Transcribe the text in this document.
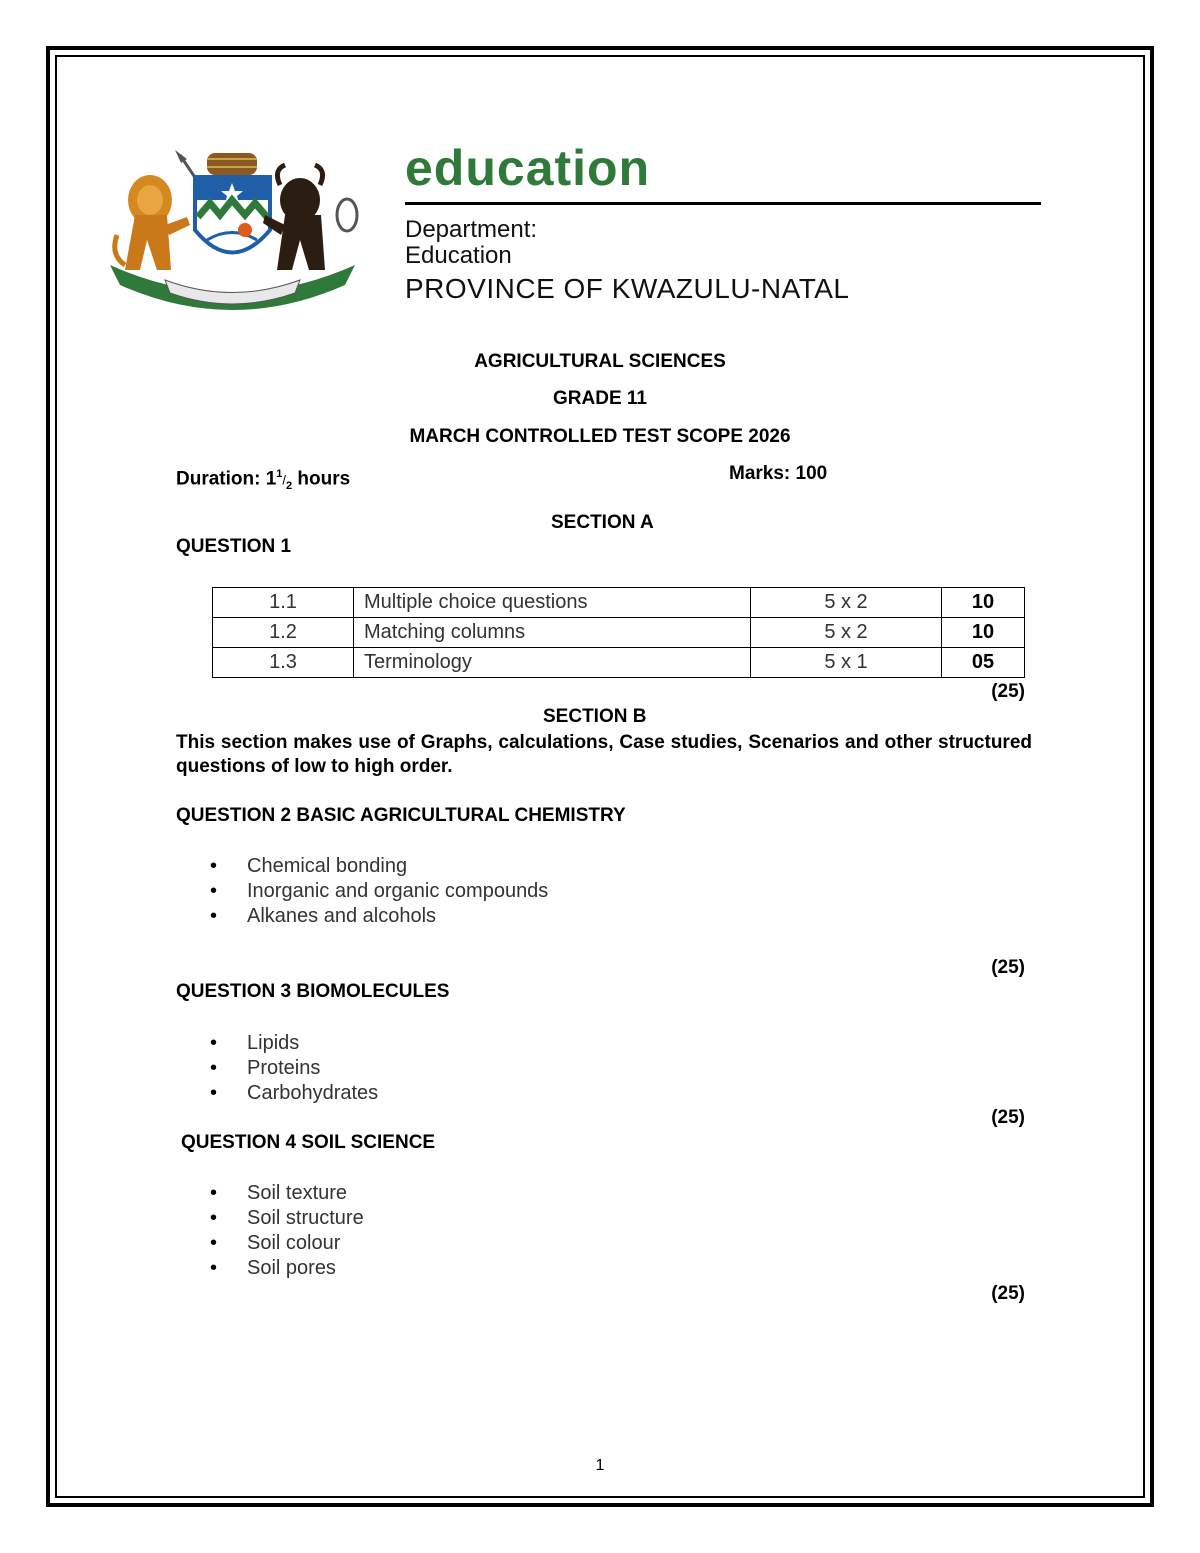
education
Department:
Education
PROVINCE OF KWAZULU-NATAL
AGRICULTURAL SCIENCES
GRADE 11
MARCH CONTROLLED TEST SCOPE 2026
Duration: $1^1/_2$ hours	Marks: 100
SECTION A
QUESTION 1
1.1	Multiple choice questions	5 x 2	10
1.2	Matching columns	5 x 2	10
1.3	Terminology	5 x 1	05
(25)
SECTION B
This section makes use of Graphs, calculations, Case studies, Scenarios and other structured questions of low to high order.
QUESTION 2 BASIC AGRICULTURAL CHEMISTRY
• Chemical bonding
• Inorganic and organic compounds
• Alkanes and alcohols
(25)
QUESTION 3 BIOMOLECULES
• Lipids
• Proteins
• Carbohydrates
(25)
QUESTION 4 SOIL SCIENCE
• Soil texture
• Soil structure
• Soil colour
• Soil pores
(25)
1
